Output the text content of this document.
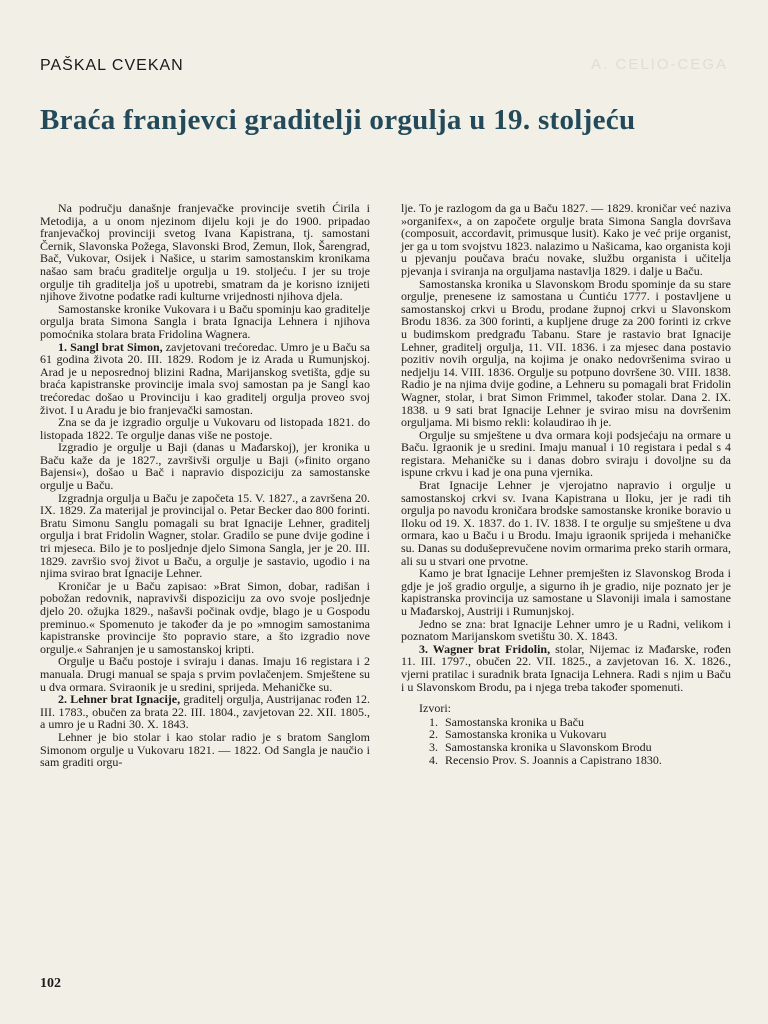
A. CELIO-CEGA
PAŠKAL CVEKAN
Braća franjevci graditelji orgulja u 19. stoljeću

Na području današnje franjevačke provincije svetih Ćirila i Metodija, a u onom njezinom dijelu koji je do 1900. pripadao franjevačkoj provinciji svetog Ivana Kapistrana, tj. samostani Černik, Slavonska Požega, Slavonski Brod, Zemun, Ilok, Šarengrad, Bač, Vukovar, Osijek i Našice, u starim samostanskim kronikama našao sam braću graditelje orgulja u 19. stoljeću. I jer su troje orgulje tih graditelja još u upotrebi, smatram da je korisno iznijeti njihove životne podatke radi kulturne vrijednosti njihova djela.

Samostanske kronike Vukovara i u Baču spominju kao graditelje orgulja brata Simona Sangla i brata Ignacija Lehnera i njihova pomoćnika stolara brata Fridolina Wagnera.

1. Sangl brat Simon, zavjetovani trećoredac. Umro je u Baču sa 61 godina života 20. III. 1829. Rodom je iz Arada u Rumunjskoj. Arad je u neposrednoj blizini Radna, Marijanskog svetišta, gdje su braća kapistranske provincije imala svoj samostan pa je Sangl kao trećoredac došao u Provinciju i kao graditelj orgulja proveo svoj život. I u Aradu je bio franjevački samostan.

Zna se da je izgradio orgulje u Vukovaru od listopada 1821. do listopada 1822. Te orgulje danas više ne postoje.

Izgradio je orgulje u Baji (danas u Mađarskoj), jer kronika u Baču kaže da je 1827., završivši orgulje u Baji (»finito organo Bajensi«), došao u Bač i napravio dispoziciju za samostanske orgulje u Baču.

Izgradnja orgulja u Baču je započeta 15. V. 1827., a završena 20. IX. 1829. Za materijal je provincijal o. Petar Becker dao 800 forinti. Bratu Simonu Sanglu pomagali su brat Ignacije Lehner, graditelj orgulja i brat Fridolin Wagner, stolar. Gradilo se pune dvije godine i tri mjeseca. Bilo je to posljednje djelo Simona Sangla, jer je 20. III. 1829. završio svoj život u Baču, a orgulje je sastavio, ugodio i na njima svirao brat Ignacije Lehner.

Kroničar je u Baču zapisao: »Brat Simon, dobar, radišan i pobožan redovnik, napravivši dispoziciju za ovo svoje posljednje djelo 20. ožujka 1829., našavši počinak ovdje, blago je u Gospodu preminuo.« Spomenuto je također da je po »mnogim samostanima kapistranske provincije što popravio stare, a što izgradio nove orgulje.« Sahranjen je u samostanskoj kripti.

Orgulje u Baču postoje i sviraju i danas. Imaju 16 registara i 2 manuala. Drugi manual se spaja s prvim povlačenjem. Smještene su u dva ormara. Sviraonik je u sredini, sprijeda. Mehaničke su.

2. Lehner brat Ignacije, graditelj orgulja, Austrijanac rođen 12. III. 1783., obučen za brata 22. III. 1804., zavjetovan 22. XII. 1805., a umro je u Radni 30. X. 1843.

Lehner je bio stolar i kao stolar radio je s bratom Sanglom Simonom orgulje u Vukovaru 1821. — 1822. Od Sangla je naučio i sam graditi orgu-

lje. To je razlogom da ga u Baču 1827. — 1829. kroničar već naziva »organifex«, a on započete orgulje brata Simona Sangla dovršava (composuit, accordavit, primusque lusit). Kako je već prije organist, jer ga u tom svojstvu 1823. nalazimo u Našicama, kao organista koji u pjevanju poučava braću novake, službu organista i učitelja pjevanja i sviranja na orguljama nastavlja 1829. i dalje u Baču.

Samostanska kronika u Slavonskom Brodu spominje da su stare orgulje, prenesene iz samostana u Ćuntiću 1777. i postavljene u samostanskoj crkvi u Brodu, prodane župnoj crkvi u Slavonskom Brodu 1836. za 300 forinti, a kupljene druge za 200 forinti iz crkve u budimskom predgrađu Tabanu. Stare je rastavio brat Ignacije Lehner, graditelj orgulja, 11. VII. 1836. i za mjesec dana postavio pozitiv novih orgulja, na kojima je onako nedovršenima svirao u nedjelju 14. VIII. 1836. Orgulje su potpuno dovršene 30. VIII. 1838. Radio je na njima dvije godine, a Lehneru su pomagali brat Fridolin Wagner, stolar, i brat Simon Frimmel, također stolar. Dana 2. IX. 1838. u 9 sati brat Ignacije Lehner je svirao misu na dovršenim orguljama. Mi bismo rekli: kolaudirao ih je.

Orgulje su smještene u dva ormara koji podsjećaju na ormare u Baču. Igraonik je u sredini. Imaju manual i 10 registara i pedal s 4 registara. Mehaničke su i danas dobro sviraju i dovoljne su da ispune crkvu i kad je ona puna vjernika.

Brat Ignacije Lehner je vjerojatno napravio i orgulje u samostanskoj crkvi sv. Ivana Kapistrana u Iloku, jer je radi tih orgulja po navodu kroničara brodske samostanske kronike boravio u Iloku od 19. X. 1837. do 1. IV. 1838. I te orgulje su smještene u dva ormara, kao u Baču i u Brodu. Imaju igraonik sprijeda i mehaničke su. Danas su dodušeprevučene novim ormarima preko starih ormara, ali su u stvari one prvotne.

Kamo je brat Ignacije Lehner premješten iz Slavonskog Broda i gdje je još gradio orgulje, a sigurno ih je gradio, nije poznato jer je kapistranska provincija uz samostane u Slavoniji imala i samostane u Mađarskoj, Austriji i Rumunjskoj.

Jedno se zna: brat Ignacije Lehner umro je u Radni, velikom i poznatom Marijanskom svetištu 30. X. 1843.

3. Wagner brat Fridolin, stolar, Nijemac iz Mađarske, rođen 11. III. 1797., obučen 22. VII. 1825., a zavjetovan 16. X. 1826., vjerni pratilac i suradnik brata Ignacija Lehnera. Radi s njim u Baču i u Slavonskom Brodu, pa i njega treba također spomenuti.

Izvori:

1. Samostanska kronika u Baču
2. Samostanska kronika u Vukovaru
3. Samostanska kronika u Slavonskom Brodu
4. Recensio Prov. S. Joannis a Capistrano 1830.
102
